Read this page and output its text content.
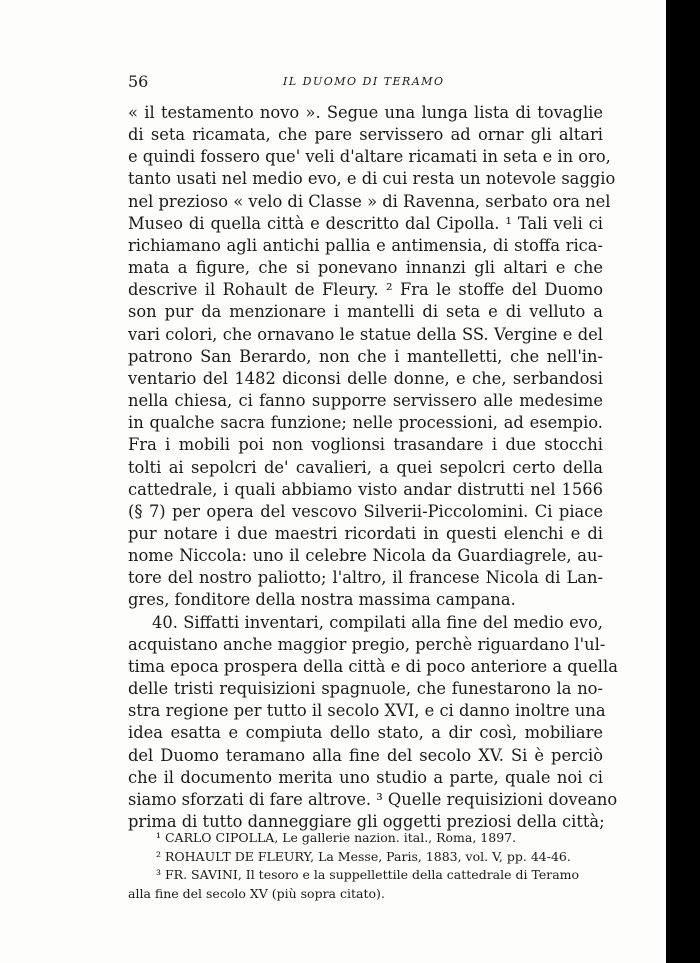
56	IL DUOMO DI TERAMO
« il testamento novo ». Segue una lunga lista di tovaglie
di seta ricamata, che pare servissero ad ornar gli altari
e quindi fossero que' veli d'altare ricamati in seta e in oro,
tanto usati nel medio evo, e di cui resta un notevole saggio
nel prezioso « velo di Classe » di Ravenna, serbato ora nel
Museo di quella città e descritto dal Cipolla. ¹ Tali veli ci
richiamano agli antichi pallia e antimensia, di stoffa rica-
mata a figure, che si ponevano innanzi gli altari e che
descrive il Rohault de Fleury. ² Fra le stoffe del Duomo
son pur da menzionare i mantelli di seta e di velluto a
vari colori, che ornavano le statue della SS. Vergine e del
patrono San Berardo, non che i mantelletti, che nell'in-
ventario del 1482 diconsi delle donne, e che, serbandosi
nella chiesa, ci fanno supporre servissero alle medesime
in qualche sacra funzione; nelle processioni, ad esempio.
Fra i mobili poi non voglionsi trasandare i due stocchi
tolti ai sepolcri de' cavalieri, a quei sepolcri certo della
cattedrale, i quali abbiamo visto andar distrutti nel 1566
(§ 7) per opera del vescovo Silverii-Piccolomini. Ci piace
pur notare i due maestri ricordati in questi elenchi e di
nome Niccola: uno il celebre Nicola da Guardiagrele, au-
tore del nostro paliotto; l'altro, il francese Nicola di Lan-
gres, fonditore della nostra massima campana.
40. Siffatti inventari, compilati alla fine del medio evo,
acquistano anche maggior pregio, perchè riguardano l'ul-
tima epoca prospera della città e di poco anteriore a quella
delle tristi requisizioni spagnuole, che funestarono la no-
stra regione per tutto il secolo XVI, e ci danno inoltre una
idea esatta e compiuta dello stato, a dir così, mobiliare
del Duomo teramano alla fine del secolo XV. Si è perciò
che il documento merita uno studio a parte, quale noi ci
siamo sforzati di fare altrove. ³ Quelle requisizioni doveano
prima di tutto danneggiare gli oggetti preziosi della città;
¹ CARLO CIPOLLA, Le gallerie nazion. ital., Roma, 1897.
² ROHAULT DE FLEURY, La Messe, Paris, 1883, vol. V, pp. 44-46.
³ FR. SAVINI, Il tesoro e la suppellettile della cattedrale di Teramo
alla fine del secolo XV (più sopra citato).
